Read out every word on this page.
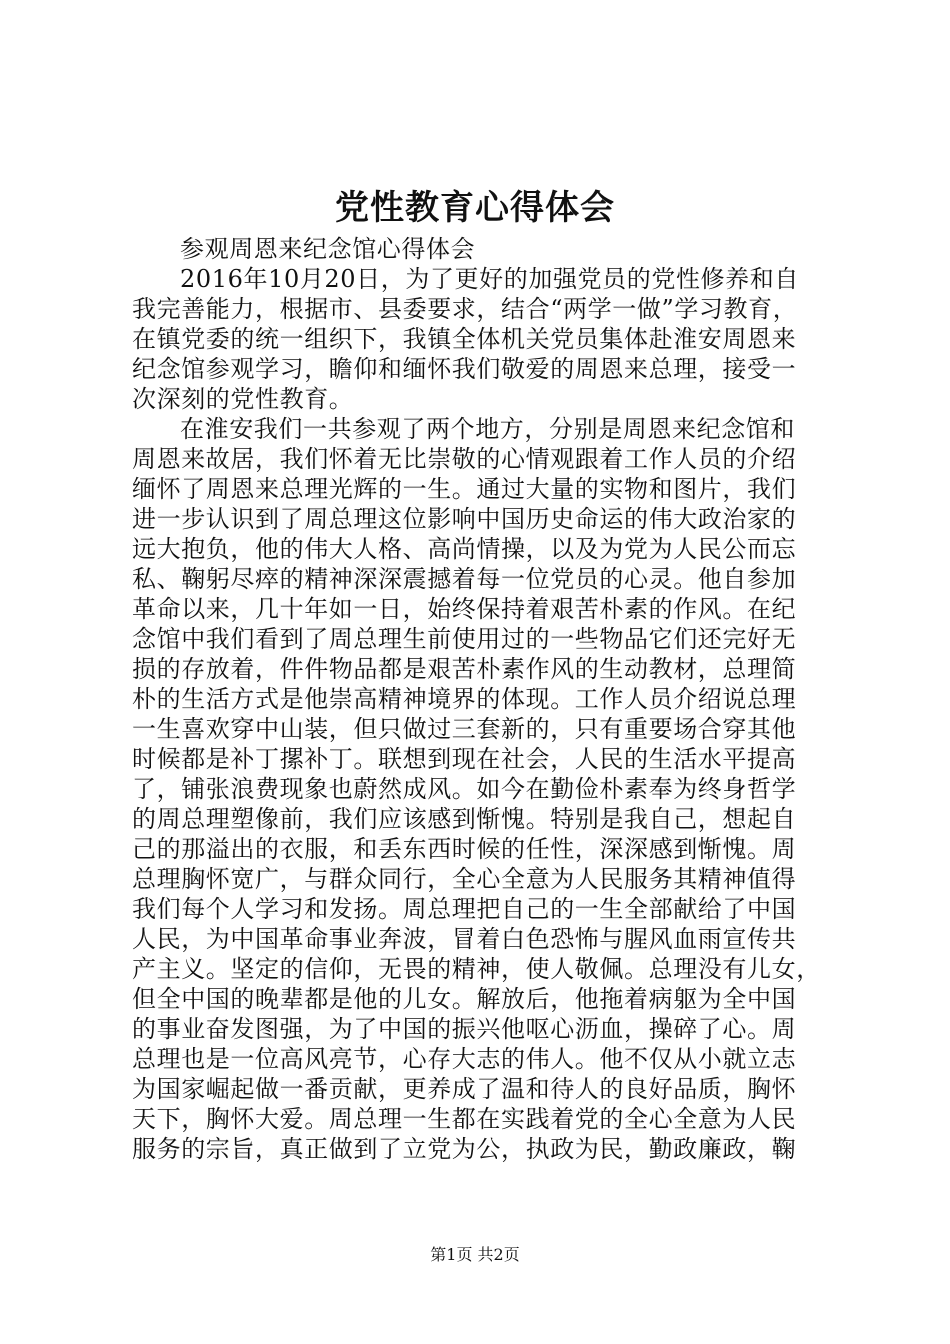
党性教育心得体会
参观周恩来纪念馆心得体会
2016年10月20日，为了更好的加强党员的党性修养和自
我完善能力，根据市、县委要求，结合“两学一做”学习教育，
在镇党委的统一组织下，我镇全体机关党员集体赴淮安周恩来
纪念馆参观学习，瞻仰和缅怀我们敬爱的周恩来总理，接受一
次深刻的党性教育。
在淮安我们一共参观了两个地方，分别是周恩来纪念馆和
周恩来故居，我们怀着无比崇敬的心情观跟着工作人员的介绍
缅怀了周恩来总理光辉的一生。通过大量的实物和图片，我们
进一步认识到了周总理这位影响中国历史命运的伟大政治家的
远大抱负，他的伟大人格、高尚情操，以及为党为人民公而忘
私、鞠躬尽瘁的精神深深震撼着每一位党员的心灵。他自参加
革命以来，几十年如一日，始终保持着艰苦朴素的作风。在纪
念馆中我们看到了周总理生前使用过的一些物品它们还完好无
损的存放着，件件物品都是艰苦朴素作风的生动教材，总理简
朴的生活方式是他崇高精神境界的体现。工作人员介绍说总理
一生喜欢穿中山装，但只做过三套新的，只有重要场合穿其他
时候都是补丁摞补丁。联想到现在社会，人民的生活水平提高
了，铺张浪费现象也蔚然成风。如今在勤俭朴素奉为终身哲学
的周总理塑像前，我们应该感到惭愧。特别是我自己，想起自
己的那溢出的衣服，和丢东西时候的任性，深深感到惭愧。周
总理胸怀宽广，与群众同行，全心全意为人民服务其精神值得
我们每个人学习和发扬。周总理把自己的一生全部献给了中国
人民，为中国革命事业奔波，冒着白色恐怖与腥风血雨宣传共
产主义。坚定的信仰，无畏的精神，使人敬佩。总理没有儿女，
但全中国的晚辈都是他的儿女。解放后，他拖着病躯为全中国
的事业奋发图强，为了中国的振兴他呕心沥血，操碎了心。周
总理也是一位高风亮节，心存大志的伟人。他不仅从小就立志
为国家崛起做一番贡献，更养成了温和待人的良好品质，胸怀
天下，胸怀大爱。周总理一生都在实践着党的全心全意为人民
服务的宗旨，真正做到了立党为公，执政为民，勤政廉政，鞠
第1页 共2页
